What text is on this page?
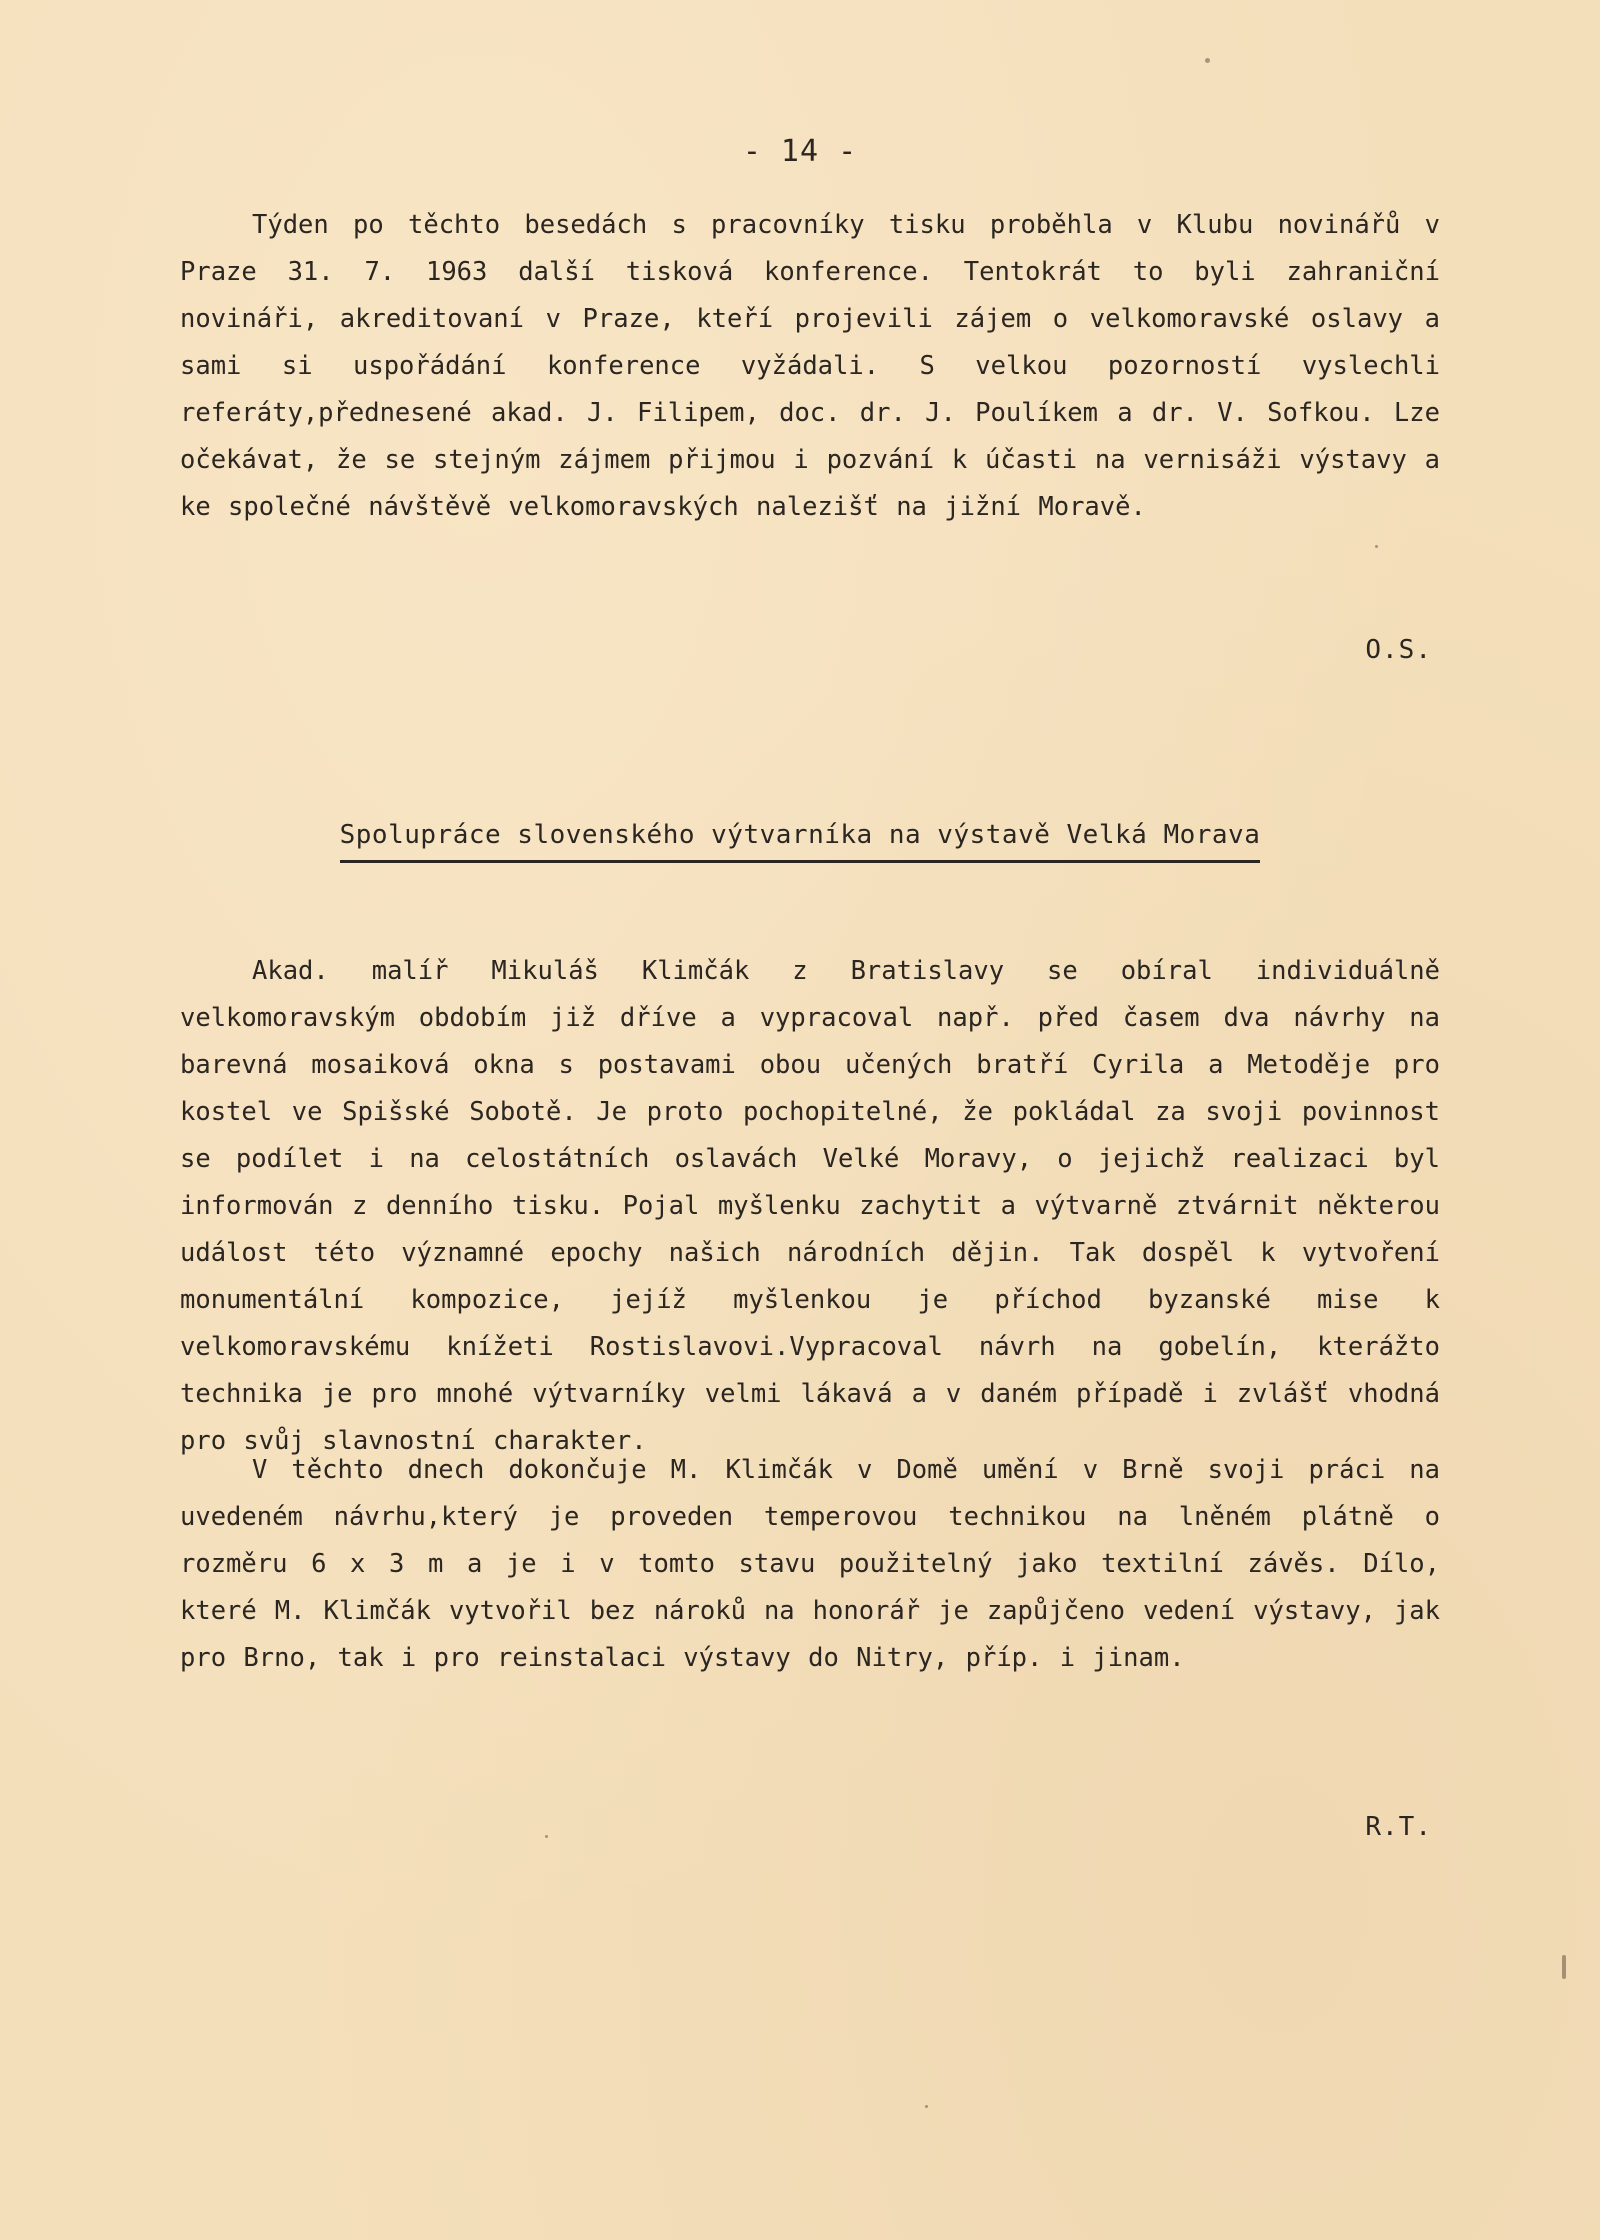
- 14 -

Týden po těchto besedách s pracovníky tisku proběhla v Klubu novinářů v Praze 31. 7. 1963 další tisková konference. Tentokrát to byli zahraniční novináři, akreditovaní v Praze, kteří projevili zájem o velkomoravské oslavy a sami si uspořádání konference vyžádali. S velkou pozorností vyslechli referáty,přednesené akad. J. Filipem, doc. dr. J. Poulíkem a dr. V. Sofkou. Lze očekávat, že se stejným zájmem přijmou i pozvání k účasti na vernisáži výstavy a ke společné návštěvě velkomoravských nalezišť na jižní Moravě.

O.S.
Spolupráce slovenského výtvarníka na výstavě Velká Morava

Akad. malíř Mikuláš Klimčák z Bratislavy se obíral individuálně velkomoravským obdobím již dříve a vypracoval např. před časem dva návrhy na barevná mosaiková okna s postavami obou učených bratří Cyrila a Metoděje pro kostel ve Spišské Sobotě. Je proto pochopitelné, že pokládal za svoji povinnost se podílet i na celostátních oslavách Velké Moravy, o jejichž realizaci byl informován z denního tisku. Pojal myšlenku zachytit a výtvarně ztvárnit některou událost této významné epochy našich národních dějin. Tak dospěl k vytvoření monumentální kompozice, jejíž myšlenkou je příchod byzanské mise k velkomoravskému knížeti Rostislavovi.Vypracoval návrh na gobelín, kterážto technika je pro mnohé výtvarníky velmi lákavá a v daném případě i zvlášť vhodná pro svůj slavnostní charakter.

V těchto dnech dokončuje M. Klimčák v Domě umění v Brně svoji práci na uvedeném návrhu,který je proveden temperovou technikou na lněném plátně o rozměru 6 x 3 m a je i v tomto stavu použitelný jako textilní závěs. Dílo, které M. Klimčák vytvořil bez nároků na honorář je zapůjčeno vedení výstavy, jak pro Brno, tak i pro reinstalaci výstavy do Nitry, příp. i jinam.

R.T.
